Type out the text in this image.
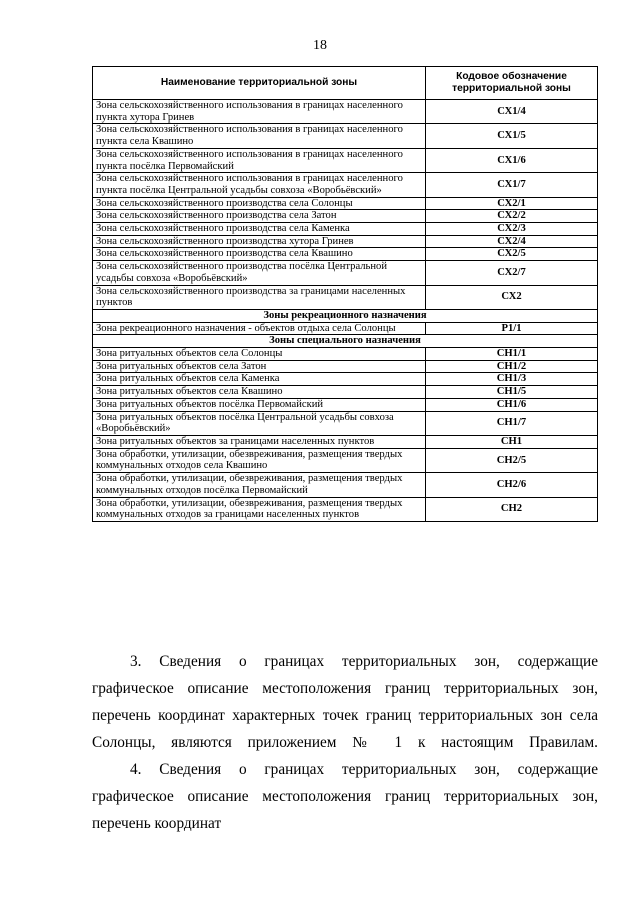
18
Наименование территориальной зоны	Кодовое обозначение территориальной зоны
Зона сельскохозяйственного использования в границах населенного пункта хутора Гринев	СХ1/4
Зона сельскохозяйственного использования в границах населенного пункта села Квашино	СХ1/5
Зона сельскохозяйственного использования в границах населенного пункта посёлка Первомайский	СХ1/6
Зона сельскохозяйственного использования в границах населенного пункта посёлка Центральной усадьбы совхоза «Воробьёвский»	СХ1/7
Зона сельскохозяйственного производства села Солонцы	СХ2/1
Зона сельскохозяйственного производства села Затон	СХ2/2
Зона сельскохозяйственного производства села Каменка	СХ2/3
Зона сельскохозяйственного производства хутора Гринев	СХ2/4
Зона сельскохозяйственного производства села Квашино	СХ2/5
Зона сельскохозяйственного производства посёлка Центральной усадьбы совхоза «Воробьёвский»	СХ2/7
Зона сельскохозяйственного производства за границами населенных пунктов	СХ2
Зоны рекреационного назначения	
Зона рекреационного назначения - объектов отдыха села Солонцы	Р1/1
Зоны специального назначения	
Зона ритуальных объектов села Солонцы	СН1/1
Зона ритуальных объектов села Затон	СН1/2
Зона ритуальных объектов села Каменка	СН1/3
Зона ритуальных объектов села Квашино	СН1/5
Зона ритуальных объектов посёлка Первомайский	СН1/6
Зона ритуальных объектов посёлка Центральной усадьбы совхоза «Воробьёвский»	СН1/7
Зона ритуальных объектов за границами населенных пунктов	СН1
Зона обработки, утилизации, обезвреживания, размещения твердых коммунальных отходов села Квашино	СН2/5
Зона обработки, утилизации, обезвреживания, размещения твердых коммунальных отходов посёлка Первомайский	СН2/6
Зона обработки, утилизации, обезвреживания, размещения твердых коммунальных отходов за границами населенных пунктов	СН2
3. Сведения о границах территориальных зон, содержащие графическое описание местоположения границ территориальных зон, перечень координат характерных точек границ территориальных зон села Солонцы, являются приложением № 1 к настоящим Правилам.
4. Сведения о границах территориальных зон, содержащие графическое описание местоположения границ территориальных зон, перечень координат
